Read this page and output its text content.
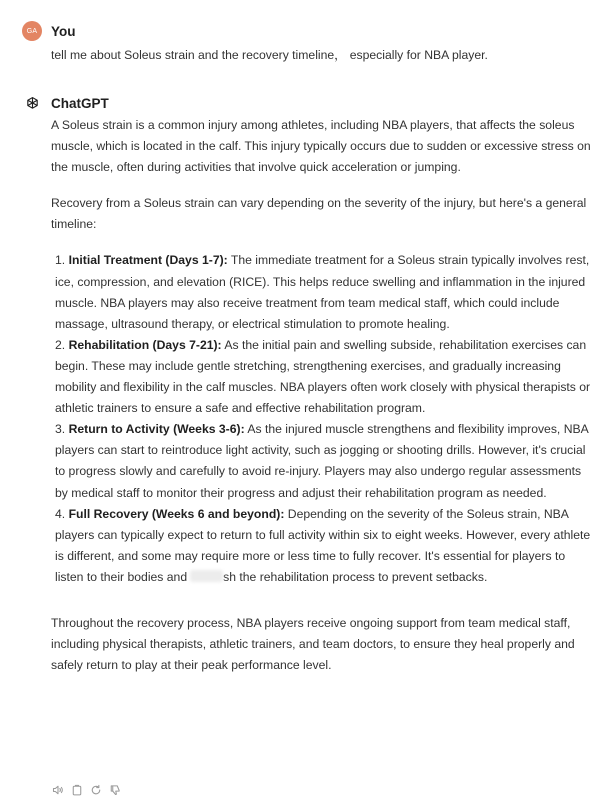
GA	You
tell me about Soleus strain and the recovery timeline， especially for NBA player.
ChatGPT

A Soleus strain is a common injury among athletes, including NBA players, that affects the soleus muscle, which is located in the calf. This injury typically occurs due to sudden or excessive stress on the muscle, often during activities that involve quick acceleration or jumping.

Recovery from a Soleus strain can vary depending on the severity of the injury, but here's a general timeline:

1. Initial Treatment (Days 1-7): The immediate treatment for a Soleus strain typically involves rest, ice, compression, and elevation (RICE). This helps reduce swelling and inflammation in the injured muscle. NBA players may also receive treatment from team medical staff, which could include massage, ultrasound therapy, or electrical stimulation to promote healing.
2. Rehabilitation (Days 7-21): As the initial pain and swelling subside, rehabilitation exercises can begin. These may include gentle stretching, strengthening exercises, and gradually increasing mobility and flexibility in the calf muscles. NBA players often work closely with physical therapists or athletic trainers to ensure a safe and effective rehabilitation program.
3. Return to Activity (Weeks 3-6): As the injured muscle strengthens and flexibility improves, NBA players can start to reintroduce light activity, such as jogging or shooting drills. However, it's crucial to progress slowly and carefully to avoid re-injury. Players may also undergo regular assessments by medical staff to monitor their progress and adjust their rehabilitation program as needed.
4. Full Recovery (Weeks 6 and beyond): Depending on the severity of the Soleus strain, NBA players can typically expect to return to full activity within six to eight weeks. However, every athlete is different, and some may require more or less time to fully recover. It's essential for players to listen to their bodies and	sh the rehabilitation process to prevent setbacks.

Throughout the recovery process, NBA players receive ongoing support from team medical staff, including physical therapists, athletic trainers, and team doctors, to ensure they heal properly and safely return to play at their peak performance level.
